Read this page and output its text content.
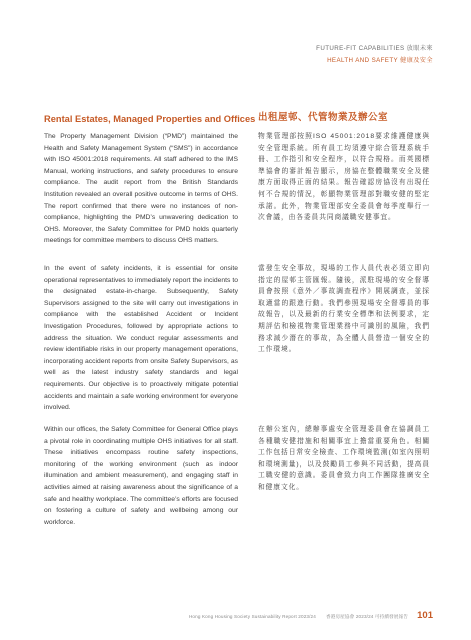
FUTURE-FIT CAPABILITIES 放眼未來
HEALTH AND SAFETY 健康及安全
Rental Estates, Managed Properties and Offices 出租屋邨、代管物業及辦公室

The Property Management Division (“PMD”) maintained the Health and Safety Management System (“SMS”) in accordance with ISO 45001:2018 requirements. All staff adhered to the IMS Manual, working instructions, and safety procedures to ensure compliance. The audit report from the British Standards Institution revealed an overall positive outcome in terms of OHS. The report confirmed that there were no instances of non-compliance, highlighting the PMD’s unwavering dedication to OHS. Moreover, the Safety Committee for PMD holds quarterly meetings for committee members to discuss OHS matters.

In the event of safety incidents, it is essential for onsite operational representatives to immediately report the incidents to the designated estate-in-charge. Subsequently, Safety Supervisors assigned to the site will carry out investigations in compliance with the established Accident or Incident Investigation Procedures, followed by appropriate actions to address the situation. We conduct regular assessments and review identifiable risks in our property management operations, incorporating accident reports from onsite Safety Supervisors, as well as the latest industry safety standards and legal requirements. Our objective is to proactively mitigate potential accidents and maintain a safe working environment for everyone involved.

Within our offices, the Safety Committee for General Office plays a pivotal role in coordinating multiple OHS initiatives for all staff. These initiatives encompass routine safety inspections, monitoring of the working environment (such as indoor illumination and ambient measurement), and engaging staff in activities aimed at raising awareness about the significance of a safe and healthy workplace. The committee’s efforts are focused on fostering a culture of safety and wellbeing among our workforce.

物業管理部按照ISO 45001:2018要求維護健康與安全管理系統。所有員工均須遵守綜合管理系統手冊、工作指引和安全程序，以符合規格。而英國標準協會的審計報告顯示，房協在整體職業安全及健康方面取得正面的結果。報告確認房協沒有出現任何不合規的情況，彰顯物業管理部對職安健的堅定承諾。此外，物業管理部安全委員會每季度舉行一次會議，由各委員共同商議職安健事宜。

當發生安全事故，現場的工作人員代表必須立即向指定的屋邨主管匯報。隨後，派駐現場的安全督導員會按照《意外／事故調查程序》開展調查，並採取適當的跟進行動。我們參照現場安全督導員的事故報告，以及最新的行業安全標準和法例要求，定期評估和檢視物業管理業務中可識別的風險，我們務求減少潛在的事故，為全體人員營造一個安全的工作環境。

在辦公室內，總辦事處安全管理委員會在協調員工各種職安健措施和相關事宜上擔當重要角色。相關工作包括日常安全檢查、工作環境監測(如室內照明和環境測量)，以及鼓勵員工參與不同活動，提高員工職安健的意識。委員會致力向工作團隊推廣安全和健康文化。

Hong Kong Housing Society Sustainability Report 2023/24 香港房屋協會 2023/24 可持續發展報告 101
